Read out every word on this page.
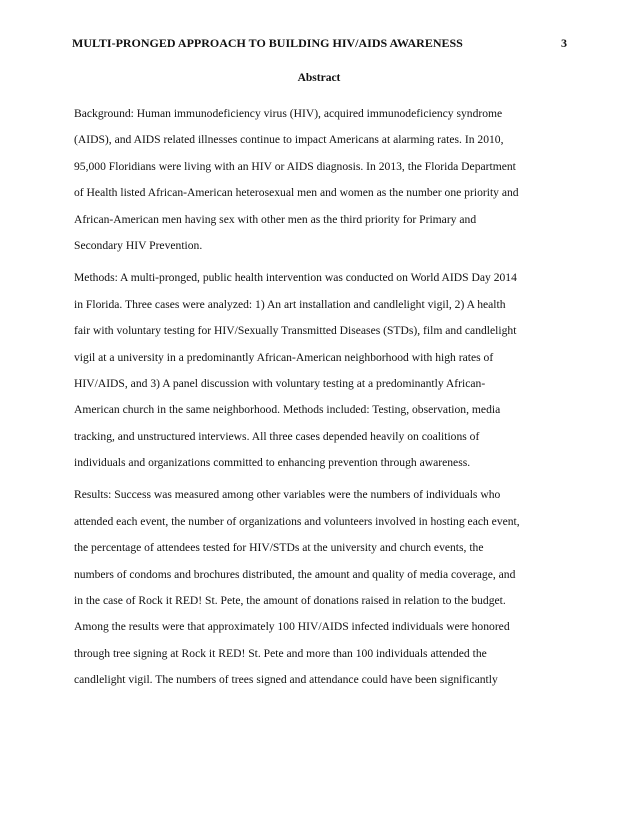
MULTI-PRONGED APPROACH TO BUILDING HIV/AIDS AWARENESS	3
Abstract
Background: Human immunodeficiency virus (HIV), acquired immunodeficiency syndrome
(AIDS), and AIDS related illnesses continue to impact Americans at alarming rates. In 2010,
95,000 Floridians were living with an HIV or AIDS diagnosis. In 2013, the Florida Department
of Health listed African-American heterosexual men and women as the number one priority and
African-American men having sex with other men as the third priority for Primary and
Secondary HIV Prevention.
Methods: A multi-pronged, public health intervention was conducted on World AIDS Day 2014
in Florida. Three cases were analyzed: 1) An art installation and candlelight vigil, 2) A health
fair with voluntary testing for HIV/Sexually Transmitted Diseases (STDs), film and candlelight
vigil at a university in a predominantly African-American neighborhood with high rates of
HIV/AIDS, and 3) A panel discussion with voluntary testing at a predominantly African-
American church in the same neighborhood. Methods included: Testing, observation, media
tracking, and unstructured interviews. All three cases depended heavily on coalitions of
individuals and organizations committed to enhancing prevention through awareness.
Results: Success was measured among other variables were the numbers of individuals who
attended each event, the number of organizations and volunteers involved in hosting each event,
the percentage of attendees tested for HIV/STDs at the university and church events, the
numbers of condoms and brochures distributed, the amount and quality of media coverage, and
in the case of Rock it RED! St. Pete, the amount of donations raised in relation to the budget.
Among the results were that approximately 100 HIV/AIDS infected individuals were honored
through tree signing at Rock it RED! St. Pete and more than 100 individuals attended the
candlelight vigil. The numbers of trees signed and attendance could have been significantly
